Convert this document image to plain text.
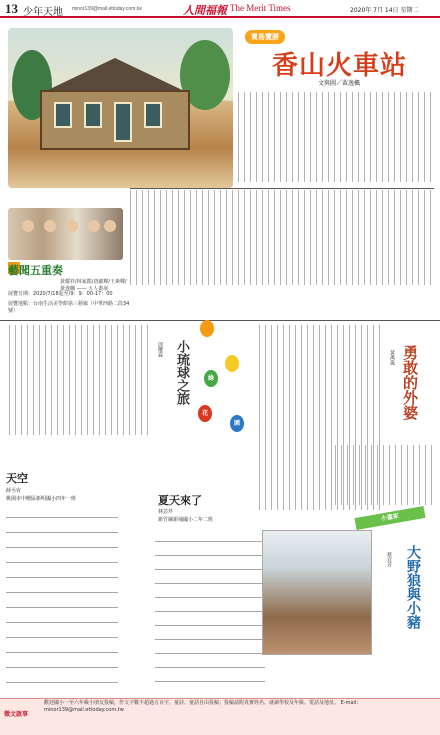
13 少年天地 minor139@mail.ettoday.com.tw	人間福報 The Merit Times	2020年 7月 14日 星期二
寶島覽勝
香山火車站
文與圖／黃逸楓
藝聞五重奏
黃耀祥/林家郡/唐錦輝/王素卿/黃逸楓 —— 五人畫展
展覽日期：2020/7/18起至/9：9：00-17：00
展覽地點：台南生活美學館第三藝廊（中華西路二段34號）
勇敢的外婆
黃禹嵐
小琉球之旅
邱瓔霖
綠
花
園
天空
薛丞宥
桃園市中壢區新明國小四年一班	夏天來了
林芸芹
新竹縣新埔國小二年二班	小畫家
大野狼與小豬
蔡宜芳
徵文啟事
歡迎國小一至六年級小朋友投稿，作文字數不超過五百字，童詩、童話自由投稿；投稿請附真實姓名、就讀學校及年級、電話及地址。 E-mail：minor139@mail.ettoday.com.tw
